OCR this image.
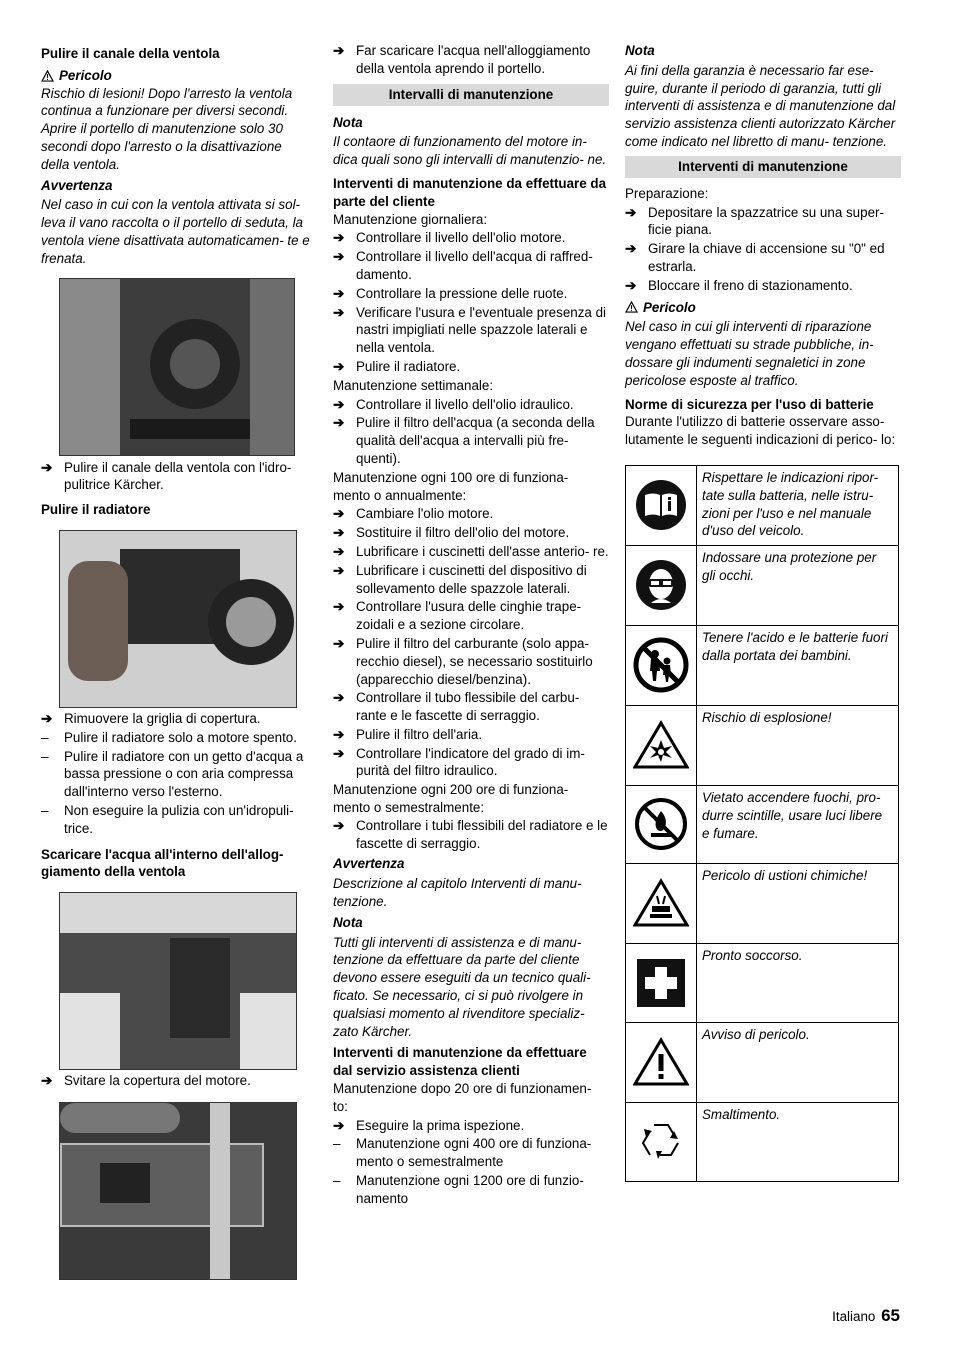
Pulire il canale della ventola

Pericolo

Rischio di lesioni! Dopo l'arresto la ventola continua a funzionare per diversi secondi. Aprire il portello di manutenzione solo 30 secondi dopo l'arresto o la disattivazione della ventola.

Avvertenza

Nel caso in cui con la ventola attivata si sol- leva il vano raccolta o il portello di seduta, la ventola viene disattivata automaticamen- te e frenata.

➔ Pulire il canale della ventola con l'idro- pulitrice Kärcher.

Pulire il radiatore

➔ Rimuovere la griglia di copertura.
–	Pulire il radiatore solo a motore spento.
–	Pulire il radiatore con un getto d'acqua a bassa pressione o con aria compressa dall'interno verso l'esterno.
–	Non eseguire la pulizia con un'idropuli- trice.

Scaricare l'acqua all'interno dell'allog- giamento della ventola

➔ Svitare la copertura del motore.
➔ Far scaricare l'acqua nell'alloggiamento della ventola aprendo il portello.
Intervalli di manutenzione

Nota

Il contaore di funzionamento del motore in- dica quali sono gli intervalli di manutenzio- ne.

Interventi di manutenzione da effettuare da parte del cliente

Manutenzione giornaliera:

➔ Controllare il livello dell'olio motore.
➔ Controllare il livello dell'acqua di raffred- damento.
➔ Controllare la pressione delle ruote.
➔ Verificare l'usura e l'eventuale presenza di nastri impigliati nelle spazzole laterali e nella ventola.
➔ Pulire il radiatore.

Manutenzione settimanale:

➔ Controllare il livello dell'olio idraulico.
➔ Pulire il filtro dell'acqua (a seconda della qualità dell'acqua a intervalli più fre- quenti).

Manutenzione ogni 100 ore di funziona- mento o annualmente:

➔ Cambiare l'olio motore.
➔ Sostituire il filtro dell'olio del motore.
➔ Lubrificare i cuscinetti dell'asse anterio- re.
➔ Lubrificare i cuscinetti del dispositivo di sollevamento delle spazzole laterali.
➔ Controllare l'usura delle cinghie trape- zoidali e a sezione circolare.
➔ Pulire il filtro del carburante (solo appa- recchio diesel), se necessario sostituirlo (apparecchio diesel/benzina).
➔ Controllare il tubo flessibile del carbu- rante e le fascette di serraggio.
➔ Pulire il filtro dell'aria.
➔ Controllare l'indicatore del grado di im- purità del filtro idraulico.

Manutenzione ogni 200 ore di funziona- mento o semestralmente:

➔ Controllare i tubi flessibili del radiatore e le fascette di serraggio.

Avvertenza

Descrizione al capitolo Interventi di manu- tenzione.

Nota

Tutti gli interventi di assistenza e di manu- tenzione da effettuare da parte del cliente devono essere eseguiti da un tecnico quali- ficato. Se necessario, ci si può rivolgere in qualsiasi momento al rivenditore specializ- zato Kärcher.

Interventi di manutenzione da effettuare dal servizio assistenza clienti

Manutenzione dopo 20 ore di funzionamen- to:

➔ Eseguire la prima ispezione.
–	Manutenzione ogni 400 ore di funziona- mento o semestralmente
–	Manutenzione ogni 1200 ore di funzio- namento

Nota

Ai fini della garanzia è necessario far ese- guire, durante il periodo di garanzia, tutti gli interventi di assistenza e di manutenzione dal servizio assistenza clienti autorizzato Kärcher come indicato nel libretto di manu- tenzione.

Interventi di manutenzione

Preparazione:

➔ Depositare la spazzatrice su una super- ficie piana.
➔ Girare la chiave di accensione su "0" ed estrarla.
➔ Bloccare il freno di stazionamento.
Pericolo

Nel caso in cui gli interventi di riparazione vengano effettuati su strade pubbliche, in- dossare gli indumenti segnaletici in zone pericolose esposte al traffico.

Norme di sicurezza per l'uso di batterie

Durante l'utilizzo di batterie osservare asso- lutamente le seguenti indicazioni di perico- lo:

	Rispettare le indicazioni ripor- tate sulla batteria, nelle istru- zioni per l'uso e nel manuale d'uso del veicolo.

	Indossare una protezione per gli occhi.

	Tenere l'acido e le batterie fuori dalla portata dei bambini.

	Rischio di esplosione!

	Vietato accendere fuochi, pro- durre scintille, usare luci libere e fumare.

	Pericolo di ustioni chimiche!

	Pronto soccorso.

	Avviso di pericolo.

	Smaltimento.
Italiano 65
